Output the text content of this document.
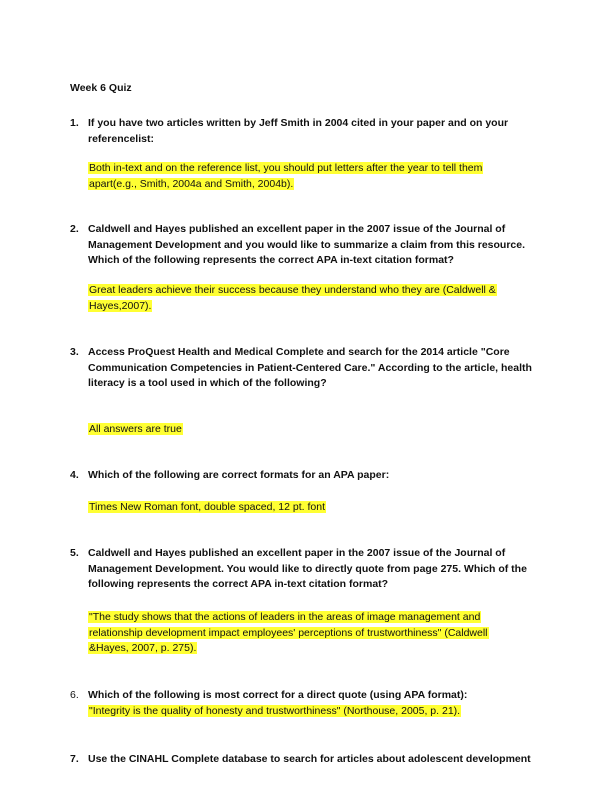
Week 6 Quiz
1. If you have two articles written by Jeff Smith in 2004 cited in your paper and on your referencelist:
Both in-text and on the reference list, you should put letters after the year to tell them apart(e.g., Smith, 2004a and Smith, 2004b).
2. Caldwell and Hayes published an excellent paper in the 2007 issue of the Journal of Management Development and you would like to summarize a claim from this resource. Which of the following represents the correct APA in-text citation format?
Great leaders achieve their success because they understand who they are (Caldwell & Hayes,2007).
3. Access ProQuest Health and Medical Complete and search for the 2014 article "Core Communication Competencies in Patient-Centered Care." According to the article, health literacy is a tool used in which of the following?
All answers are true
4. Which of the following are correct formats for an APA paper:
Times New Roman font, double spaced, 12 pt. font
5. Caldwell and Hayes published an excellent paper in the 2007 issue of the Journal of Management Development. You would like to directly quote from page 275. Which of the following represents the correct APA in-text citation format?
"The study shows that the actions of leaders in the areas of image management and relationship development impact employees' perceptions of trustworthiness" (Caldwell &Hayes, 2007, p. 275).
6. Which of the following is most correct for a direct quote (using APA format):
"Integrity is the quality of honesty and trustworthiness" (Northouse, 2005, p. 21).
7. Use the CINAHL Complete database to search for articles about adolescent development
